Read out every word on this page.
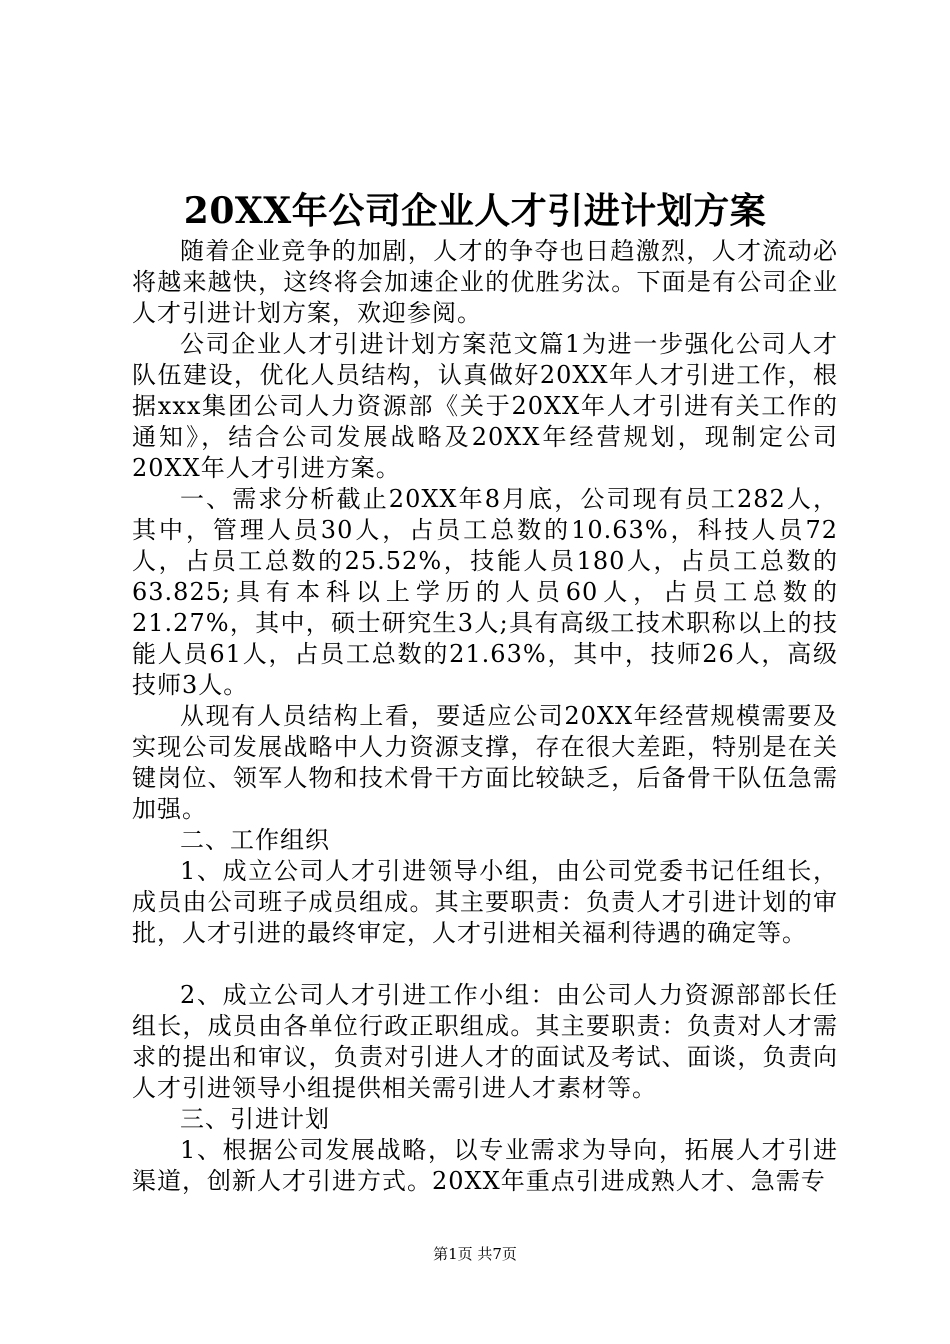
20XX年公司企业人才引进计划方案

随着企业竞争的加剧，人才的争夺也日趋激烈，人才流动必将越来越快，这终将会加速企业的优胜劣汰。下面是有公司企业人才引进计划方案，欢迎参阅。

公司企业人才引进计划方案范文篇1为进一步强化公司人才队伍建设，优化人员结构，认真做好20XX年人才引进工作，根据xxx集团公司人力资源部《关于20XX年人才引进有关工作的通知》，结合公司发展战略及20XX年经营规划，现制定公司20XX年人才引进方案。

一、需求分析截止20XX年8月底，公司现有员工282人，其中，管理人员30人，占员工总数的10.63%，科技人员72人，占员工总数的25.52%，技能人员180人，占员工总数的63.825;具有本科以上学历的人员60人，占员工总数的21.27%，其中，硕士研究生3人;具有高级工技术职称以上的技能人员61人，占员工总数的21.63%，其中，技师26人，高级技师3人。

从现有人员结构上看，要适应公司20XX年经营规模需要及实现公司发展战略中人力资源支撑，存在很大差距，特别是在关键岗位、领军人物和技术骨干方面比较缺乏，后备骨干队伍急需加强。

二、工作组织

1、成立公司人才引进领导小组，由公司党委书记任组长，成员由公司班子成员组成。其主要职责：负责人才引进计划的审批，人才引进的最终审定，人才引进相关福利待遇的确定等。

2、成立公司人才引进工作小组：由公司人力资源部部长任组长，成员由各单位行政正职组成。其主要职责：负责对人才需求的提出和审议，负责对引进人才的面试及考试、面谈，负责向人才引进领导小组提供相关需引进人才素材等。

三、引进计划

1、根据公司发展战略，以专业需求为导向，拓展人才引进渠道，创新人才引进方式。20XX年重点引进成熟人才、急需专

第1页 共7页
